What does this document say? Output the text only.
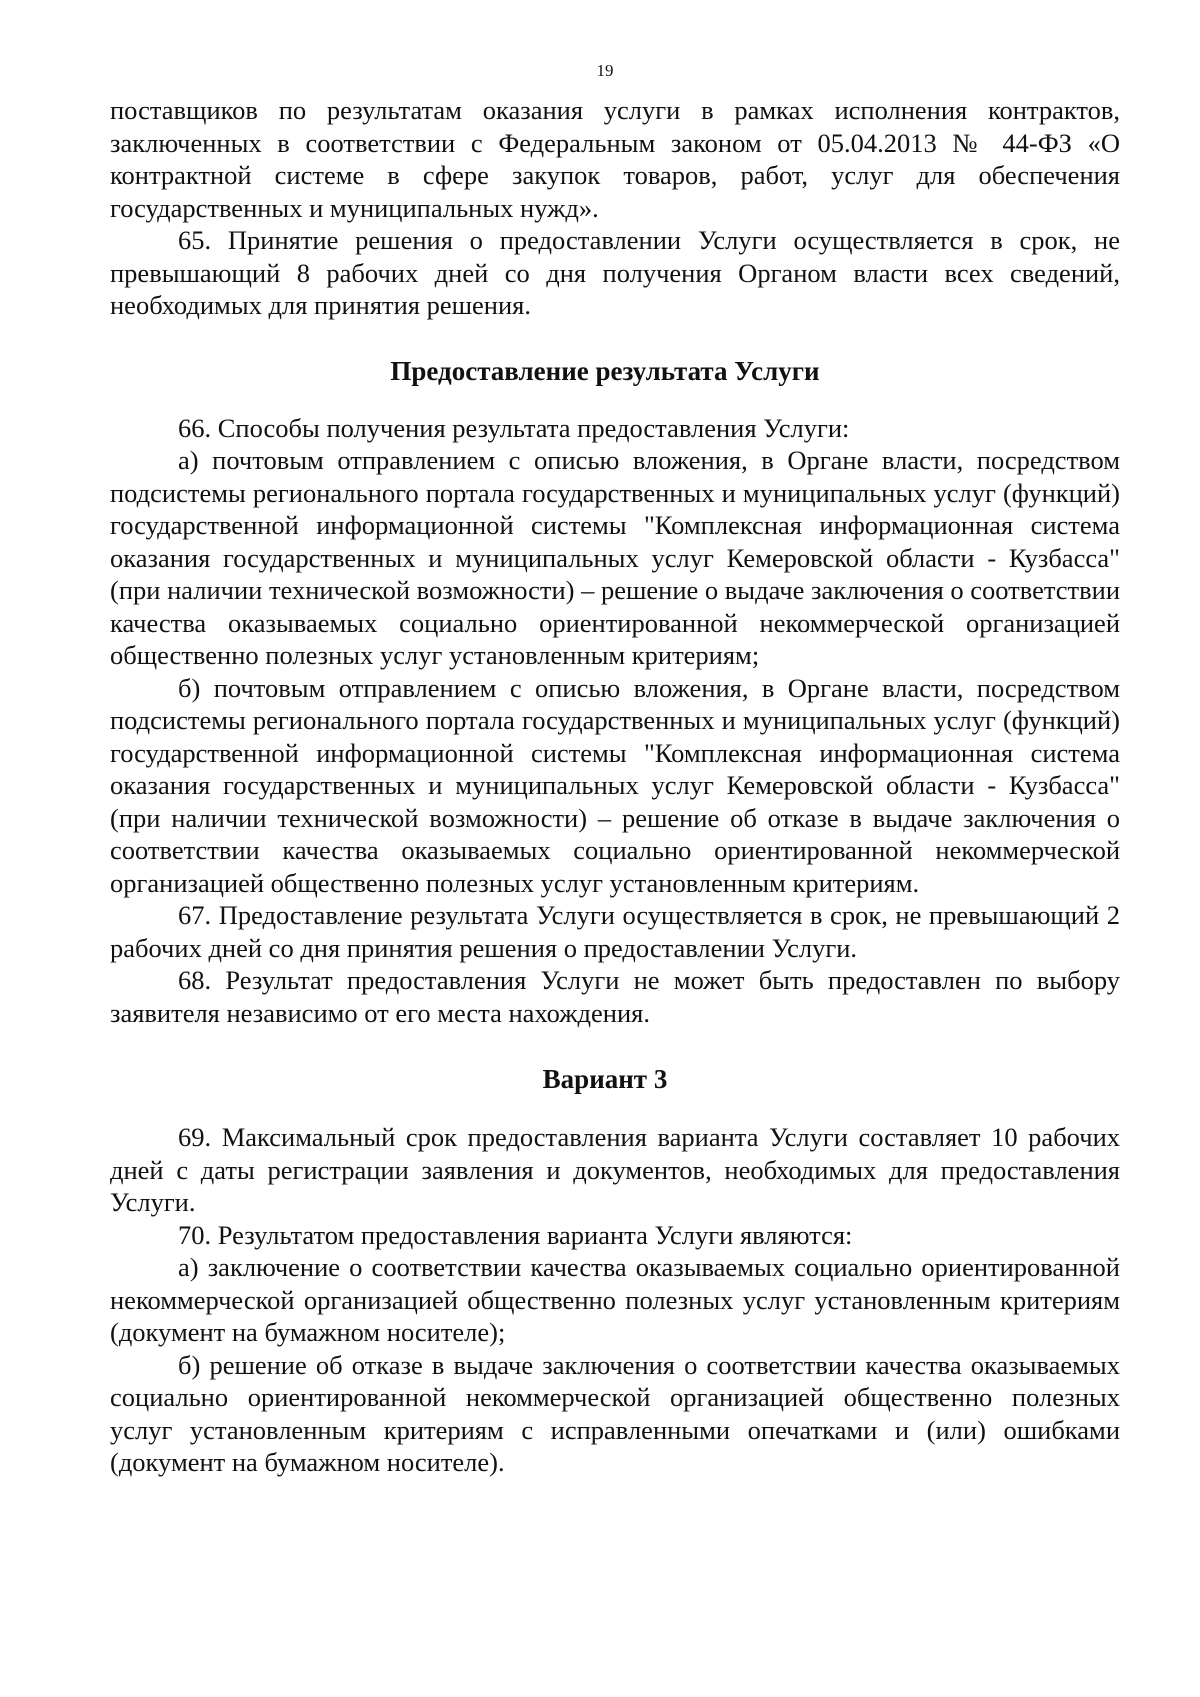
19

поставщиков по результатам оказания услуги в рамках исполнения контрактов, заключенных в соответствии с Федеральным законом от 05.04.2013 № 44-ФЗ «О контрактной системе в сфере закупок товаров, работ, услуг для обеспечения государственных и муниципальных нужд».

65. Принятие решения о предоставлении Услуги осуществляется в срок, не превышающий 8 рабочих дней со дня получения Органом власти всех сведений, необходимых для принятия решения.

Предоставление результата Услуги

66. Способы получения результата предоставления Услуги:

а) почтовым отправлением с описью вложения, в Органе власти, посредством подсистемы регионального портала государственных и муниципальных услуг (функций) государственной информационной системы "Комплексная информационная система оказания государственных и муниципальных услуг Кемеровской области - Кузбасса" (при наличии технической возможности) – решение о выдаче заключения о соответствии качества оказываемых социально ориентированной некоммерческой организацией общественно полезных услуг установленным критериям;

б) почтовым отправлением с описью вложения, в Органе власти, посредством подсистемы регионального портала государственных и муниципальных услуг (функций) государственной информационной системы "Комплексная информационная система оказания государственных и муниципальных услуг Кемеровской области - Кузбасса" (при наличии технической возможности) – решение об отказе в выдаче заключения о соответствии качества оказываемых социально ориентированной некоммерческой организацией общественно полезных услуг установленным критериям.

67. Предоставление результата Услуги осуществляется в срок, не превышающий 2 рабочих дней со дня принятия решения о предоставлении Услуги.

68. Результат предоставления Услуги не может быть предоставлен по выбору заявителя независимо от его места нахождения.

Вариант 3

69. Максимальный срок предоставления варианта Услуги составляет 10 рабочих дней с даты регистрации заявления и документов, необходимых для предоставления Услуги.

70. Результатом предоставления варианта Услуги являются:

а) заключение о соответствии качества оказываемых социально ориентированной некоммерческой организацией общественно полезных услуг установленным критериям (документ на бумажном носителе);

б) решение об отказе в выдаче заключения о соответствии качества оказываемых социально ориентированной некоммерческой организацией общественно полезных услуг установленным критериям с исправленными опечатками и (или) ошибками (документ на бумажном носителе).
